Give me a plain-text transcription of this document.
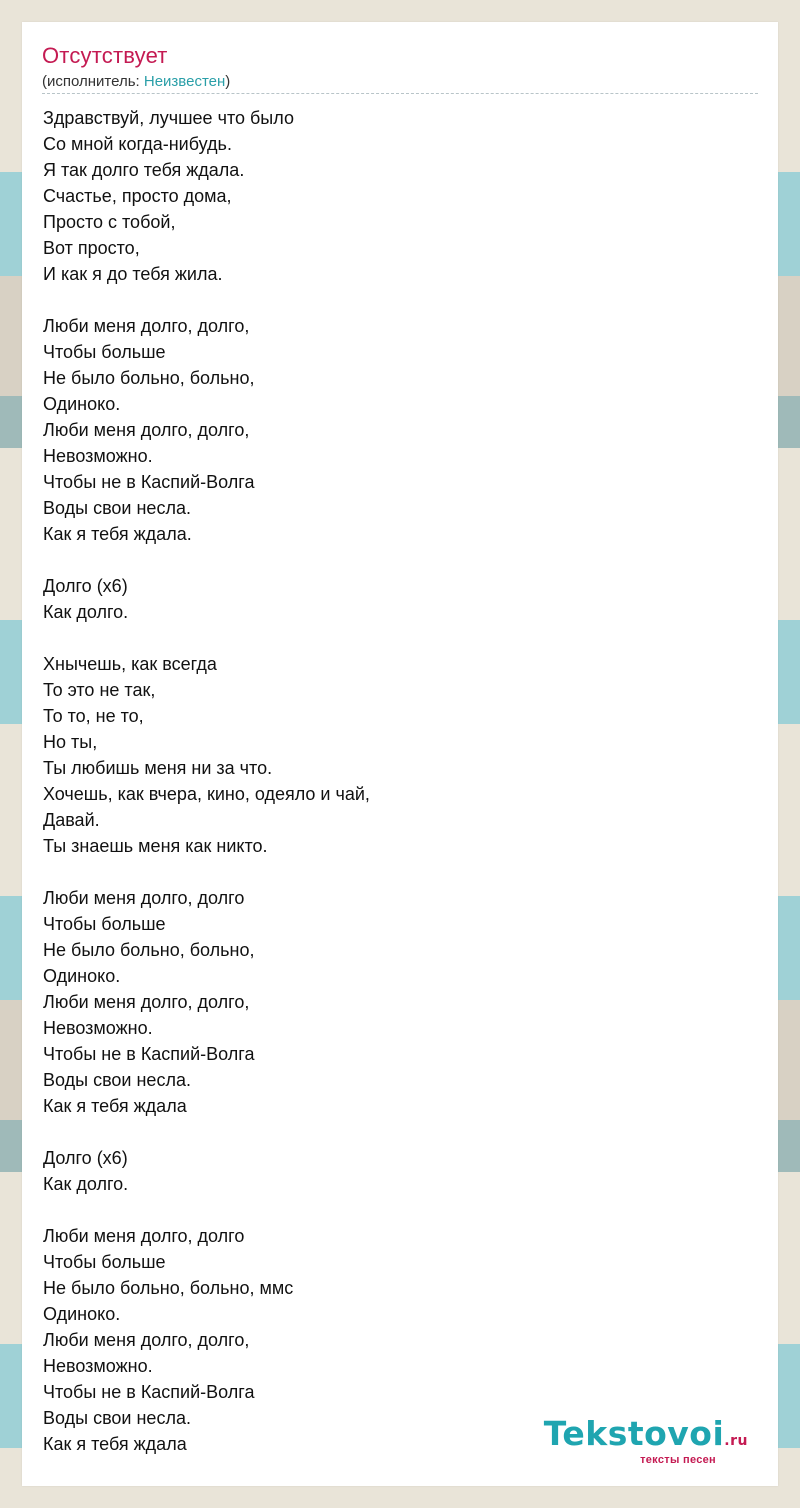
Отсутствует
(исполнитель: Неизвестен)
Здравствуй, лучшее что было
Со мной когда-нибудь.
Я так долго тебя ждала.
Счастье, просто дома,
Просто с тобой,
Вот просто,
И как я до тебя жила.
Люби меня долго, долго,
Чтобы больше
Не было больно, больно,
Одиноко.
Люби меня долго, долго,
Невозможно.
Чтобы не в Каспий-Волга
Воды свои несла.
Как я тебя ждала.
Долго (x6)
Как долго.
Хнычешь, как всегда
То это не так,
То то, не то,
Но ты,
Ты любишь меня ни за что.
Хочешь, как вчера, кино, одеяло и чай,
Давай.
Ты знаешь меня как никто.
Люби меня долго, долго
Чтобы больше
Не было больно, больно,
Одиноко.
Люби меня долго, долго,
Невозможно.
Чтобы не в Каспий-Волга
Воды свои несла.
Как я тебя ждала
Долго (x6)
Как долго.
Люби меня долго, долго
Чтобы больше
Не было больно, больно, ммс
Одиноко.
Люби меня долго, долго,
Невозможно.
Чтобы не в Каспий-Волга
Воды свои несла.
Как я тебя ждала	Tekstovoi.ru
тексты песен
